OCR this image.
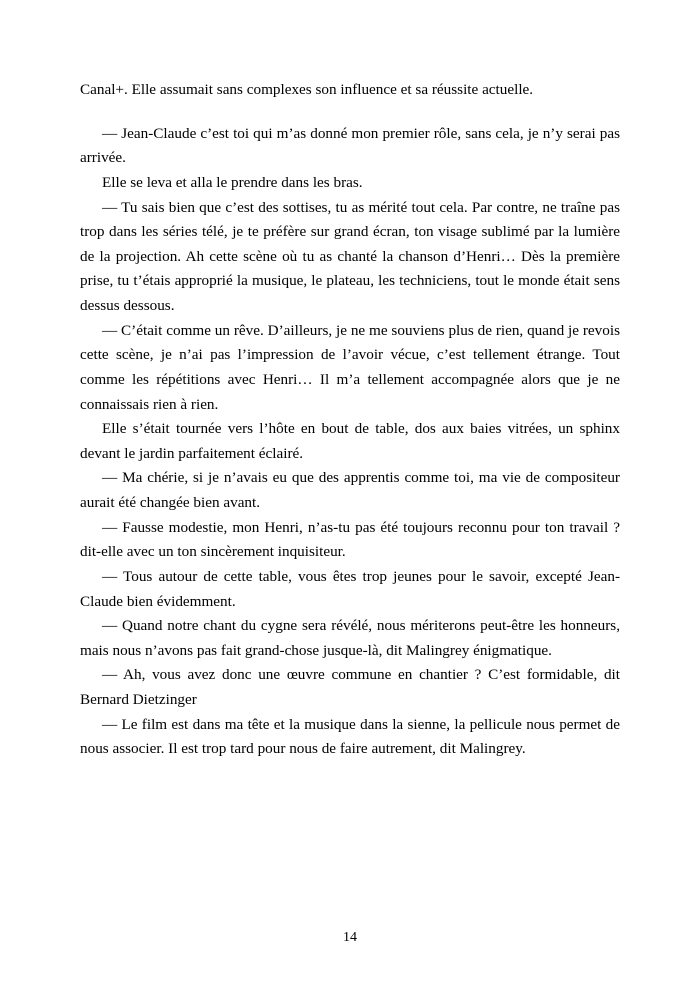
Canal+. Elle assumait sans complexes son influence et sa réussite actuelle.

— Jean-Claude c’est toi qui m’as donné mon premier rôle, sans cela, je n’y serai pas arrivée.

Elle se leva et alla le prendre dans les bras.

— Tu sais bien que c’est des sottises, tu as mérité tout cela. Par contre, ne traîne pas trop dans les séries télé, je te préfère sur grand écran, ton visage sublimé par la lumière de la projection. Ah cette scène où tu as chanté la chanson d’Henri… Dès la première prise, tu t’étais approprié la musique, le plateau, les techniciens, tout le monde était sens dessus dessous.

— C’était comme un rêve. D’ailleurs, je ne me souviens plus de rien, quand je revois cette scène, je n’ai pas l’impression de l’avoir vécue, c’est tellement étrange. Tout comme les répétitions avec Henri… Il m’a tellement accompagnée alors que je ne connaissais rien à rien.

Elle s’était tournée vers l’hôte en bout de table, dos aux baies vitrées, un sphinx devant le jardin parfaitement éclairé.

— Ma chérie, si je n’avais eu que des apprentis comme toi, ma vie de compositeur aurait été changée bien avant.

— Fausse modestie, mon Henri, n’as-tu pas été toujours reconnu pour ton travail ? dit-elle avec un ton sincèrement inquisiteur.

— Tous autour de cette table, vous êtes trop jeunes pour le savoir, excepté Jean-Claude bien évidemment.

— Quand notre chant du cygne sera révélé, nous mériterons peut-être les honneurs, mais nous n’avons pas fait grand-chose jusque-là, dit Malingrey énigmatique.

— Ah, vous avez donc une œuvre commune en chantier ? C’est formidable, dit Bernard Dietzinger

— Le film est dans ma tête et la musique dans la sienne, la pellicule nous permet de nous associer. Il est trop tard pour nous de faire autrement, dit Malingrey.

14
